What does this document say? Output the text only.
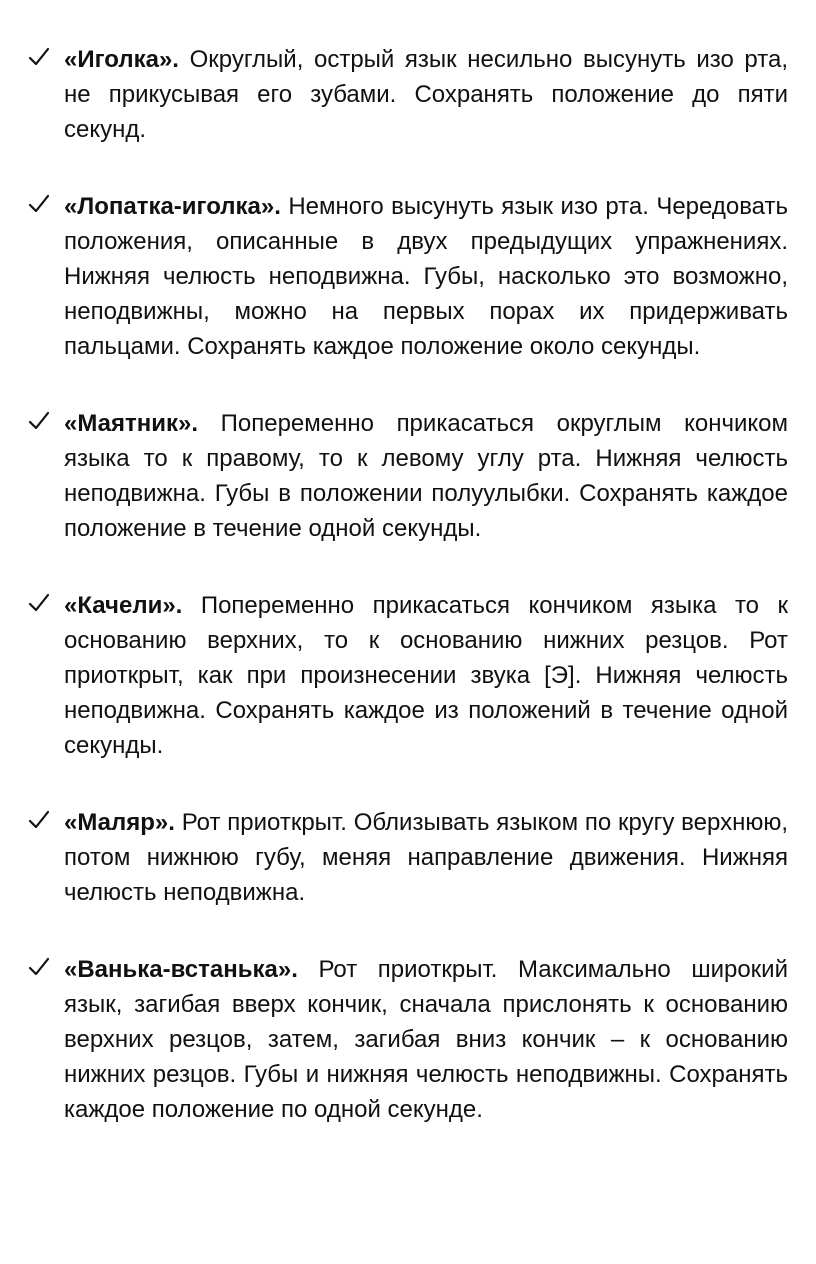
«Иголка». Округлый, острый язык несильно высунуть изо рта, не прикусывая его зубами. Сохранять положение до пяти секунд.

«Лопатка-иголка». Немного высунуть язык изо рта. Чередовать положения, описанные в двух предыдущих упражнениях. Нижняя челюсть неподвижна. Губы, насколько это возможно, неподвижны, можно на первых порах их придерживать пальцами. Сохранять каждое положение около секунды.

«Маятник». Попеременно прикасаться округлым кончиком языка то к правому, то к левому углу рта. Нижняя челюсть неподвижна. Губы в положении полуулыбки. Сохранять каждое положение в течение одной секунды.

«Качели». Попеременно прикасаться кончиком языка то к основанию верхних, то к основанию нижних резцов. Рот приоткрыт, как при произнесении звука [Э]. Нижняя челюсть неподвижна. Сохранять каждое из положений в течение одной секунды.

«Маляр». Рот приоткрыт. Облизывать языком по кругу верхнюю, потом нижнюю губу, меняя направление движения. Нижняя челюсть неподвижна.

«Ванька-встанька». Рот приоткрыт. Максимально широкий язык, загибая вверх кончик, сначала прислонять к основанию верхних резцов, затем, загибая вниз кончик – к основанию нижних резцов. Губы и нижняя челюсть неподвижны. Сохранять каждое положение по одной секунде.
